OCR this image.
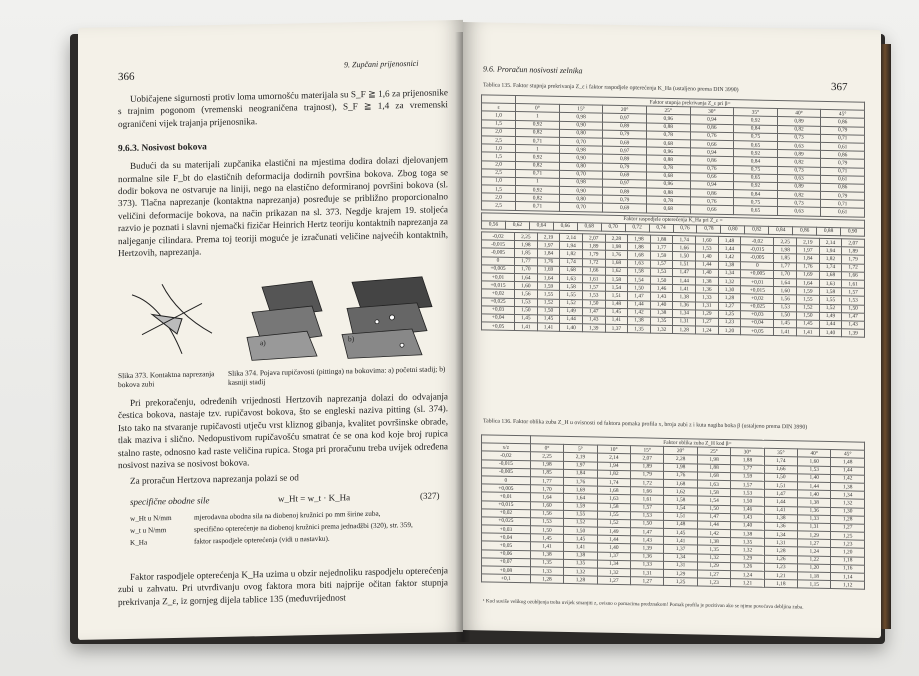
366
9. Zupčani prijenosnici

Uobičajene sigurnosti protiv loma umornošću materijala su S_F ≧ 1,6 za prijenosnike s trajnim pogonom (vremenski neograničena trajnost), S_F ≧ 1,4 za vremenski ograničeni vijek trajanja prijenosnika.

9.6.3. Nosivost bokova

Budući da su materijali zupčanika elastični na mjestima dodira dolazi djelovanjem normalne sile F_bt do elastičnih deformacija dodirnih površina bokova. Zbog toga se dodir bokova ne ostvaruje na liniji, nego na elastično deformiranoj površini bokova (sl. 373). Tlačna naprezanje (kontaktna naprezanja) posređuje se približno proporcionalno veličini deformacije bokova, na način prikazan na sl. 373. Negdje krajem 19. stoljeća razvio je poznati i slavni njemački fizičar Heinrich Hertz teoriju kontaktnih naprezanja za naljeganje cilindara. Prema toj teoriji moguće je izračunati veličine najvećih kontaktnih, Hertzovih, naprezanja.

a)	b)
Slika 373. Kontaktna naprezanja bokova zubi
Slika 374. Pojava rupičavosti (pittinga) na bokovima: a) početni stadij; b) kasniji stadij

Pri prekoračenju, određenih vrijednosti Hertzovih naprezanja dolazi do odvajanja čestica bokova, nastaje tzv. rupičavost bokova, što se engleski naziva pitting (sl. 374). Isto tako na stvaranje rupičavosti utječu vrst kliznog gibanja, kvalitet površinske obrade, tlak maziva i slično. Nedopustivom rupičavošću smatrat će se ona kod koje broj rupica stalno raste, odnosno kad raste veličina rupica. Stoga pri proračunu treba uvijek određena nosivost naziva se nosivost bokova.

Za proračun Hertzova naprezanja polazi se od

specifične obodne sile	w_Ht = w_t · K_Ha	(327)
w_Ht u N/mm	mjerodavna obodna sila na diobenoj kružnici po mm širine zuba,
w_t u N/mm	specifično opterećenje na diobenoj kružnici prema jednadžbi (320), str. 359,
K_Ha	faktor raspodjele opterećenja (vidi u nastavku).

Faktor raspodjele opterećenja K_Ha uzima u obzir nejednoliku raspodjelu opterećenja zubi u zahvatu. Pri utvrđivanju ovog faktora mora biti najprije očitan faktor stupnja prekrivanja Z_ε, iz gornjeg dijela tablice 135 (međuvrijednost

9.6. Proračun nosivosti zelnika
367
Tablica 135. Faktor stupnja prekrivanja Z_ε i faktor raspodjele opterećenja K_Ha (ustaljeno prema DIN 3990)
	Faktor stupnja prekrivanja Z_ε pri β=							
ε	0°	15°	20°	25°	30°	35°	40°	45°
1,0	1	0,98	0,97	0,96	0,94	0,92	0,89	0,86
1,5	0,92	0,90	0,89	0,88	0,86	0,84	0,82	0,79
2,0	0,82	0,80	0,79	0,78	0,76	0,75	0,73	0,71
2,5	0,71	0,70	0,69	0,68	0,66	0,65	0,63	0,61
1,0	1	0,98	0,97	0,96	0,94	0,92	0,89	0,86
1,5	0,92	0,90	0,89	0,88	0,86	0,84	0,82	0,79
2,0	0,82	0,80	0,79	0,78	0,76	0,75	0,73	0,71
2,5	0,71	0,70	0,69	0,68	0,66	0,65	0,63	0,61
1,0	1	0,98	0,97	0,96	0,94	0,92	0,89	0,86
1,5	0,92	0,90	0,89	0,88	0,86	0,84	0,82	0,79
2,0	0,82	0,80	0,79	0,78	0,76	0,75	0,73	0,71
2,5	0,71	0,70	0,69	0,68	0,66	0,65	0,63	0,61
Faktor raspodjele opterećenja K_Ha pri Z_ε =
0,56	0,62	0,64	0,66	0,68	0,70	0,72	0,74	0,76	0,78	0,80	0,82	0,84	0,86	0,88	0,90
-0,02	2,25	2,19	2,14	2,07	2,28	1,98	1,88	1,74	1,60	1,48	-0,02	2,25	2,19	2,14	2,07
-0,015	1,98	1,97	1,94	1,89	1,98	1,88	1,77	1,66	1,53	1,44	-0,015	1,98	1,97	1,94	1,89
-0,005	1,85	1,84	1,82	1,79	1,76	1,68	1,59	1,50	1,40	1,42	-0,005	1,85	1,84	1,82	1,79
0	1,77	1,76	1,74	1,72	1,68	1,63	1,57	1,51	1,44	1,38	0	1,77	1,76	1,74	1,72
+0,005	1,70	1,69	1,68	1,66	1,62	1,58	1,53	1,47	1,40	1,34	+0,005	1,70	1,69	1,68	1,66
+0,01	1,64	1,64	1,63	1,61	1,58	1,54	1,50	1,44	1,38	1,32	+0,01	1,64	1,64	1,63	1,61
+0,015	1,60	1,59	1,58	1,57	1,54	1,50	1,46	1,41	1,36	1,30	+0,015	1,60	1,59	1,58	1,57
+0,02	1,56	1,55	1,55	1,53	1,51	1,47	1,43	1,38	1,33	1,28	+0,02	1,56	1,55	1,55	1,53
+0,025	1,53	1,52	1,52	1,50	1,48	1,44	1,40	1,36	1,31	1,27	+0,025	1,53	1,52	1,52	1,50
+0,03	1,50	1,50	1,49	1,47	1,45	1,42	1,38	1,34	1,29	1,25	+0,03	1,50	1,50	1,49	1,47
+0,04	1,45	1,45	1,44	1,43	1,41	1,38	1,35	1,31	1,27	1,23	+0,04	1,45	1,45	1,44	1,43
+0,05	1,41	1,41	1,40	1,39	1,37	1,35	1,32	1,28	1,24	1,20	+0,05	1,41	1,41	1,40	1,39
Tablica 136. Faktor oblika zuba Z_H u ovisnosti od faktora pomaka profila x, broja zubi z i kuta nagiba boka β (ustaljeno prema DIN 3990)
	Faktor oblika zuba Z_H kod β=									
x/z	0°	5°	10°	15°	20°	25°	30°	35°	40°	45°
-0,02	2,25	2,19	2,14	2,07	2,28	1,98	1,88	1,74	1,60	1,48
-0,015	1,98	1,97	1,94	1,89	1,98	1,88	1,77	1,66	1,53	1,44
-0,005	1,85	1,84	1,82	1,79	1,76	1,68	1,59	1,50	1,40	1,42
0	1,77	1,76	1,74	1,72	1,68	1,63	1,57	1,51	1,44	1,38
+0,005	1,70	1,69	1,68	1,66	1,62	1,58	1,53	1,47	1,40	1,34
+0,01	1,64	1,64	1,63	1,61	1,58	1,54	1,50	1,44	1,38	1,32
+0,015	1,60	1,59	1,58	1,57	1,54	1,50	1,46	1,41	1,36	1,30
+0,02	1,56	1,55	1,55	1,53	1,51	1,47	1,43	1,38	1,33	1,28
+0,025	1,53	1,52	1,52	1,50	1,48	1,44	1,40	1,36	1,31	1,27
+0,03	1,50	1,50	1,49	1,47	1,45	1,42	1,38	1,34	1,29	1,25
+0,04	1,45	1,45	1,44	1,43	1,41	1,38	1,35	1,31	1,27	1,23
+0,05	1,41	1,41	1,40	1,39	1,37	1,35	1,32	1,28	1,24	1,20
+0,06	1,38	1,38	1,37	1,36	1,34	1,32	1,29	1,26	1,22	1,18
+0,07	1,35	1,35	1,34	1,33	1,31	1,29	1,26	1,23	1,20	1,16
+0,08	1,33	1,32	1,32	1,31	1,29	1,27	1,24	1,21	1,18	1,14
+0,1	1,28	1,28	1,27	1,27	1,25	1,23	1,21	1,18	1,15	1,12
¹ Kod suviše velikog ozubljenja treba uvijek smanjiti z, ovisno o pomacima predznakom! Pomak profila je pozitivan ako se njime povećava debljina zuba.
